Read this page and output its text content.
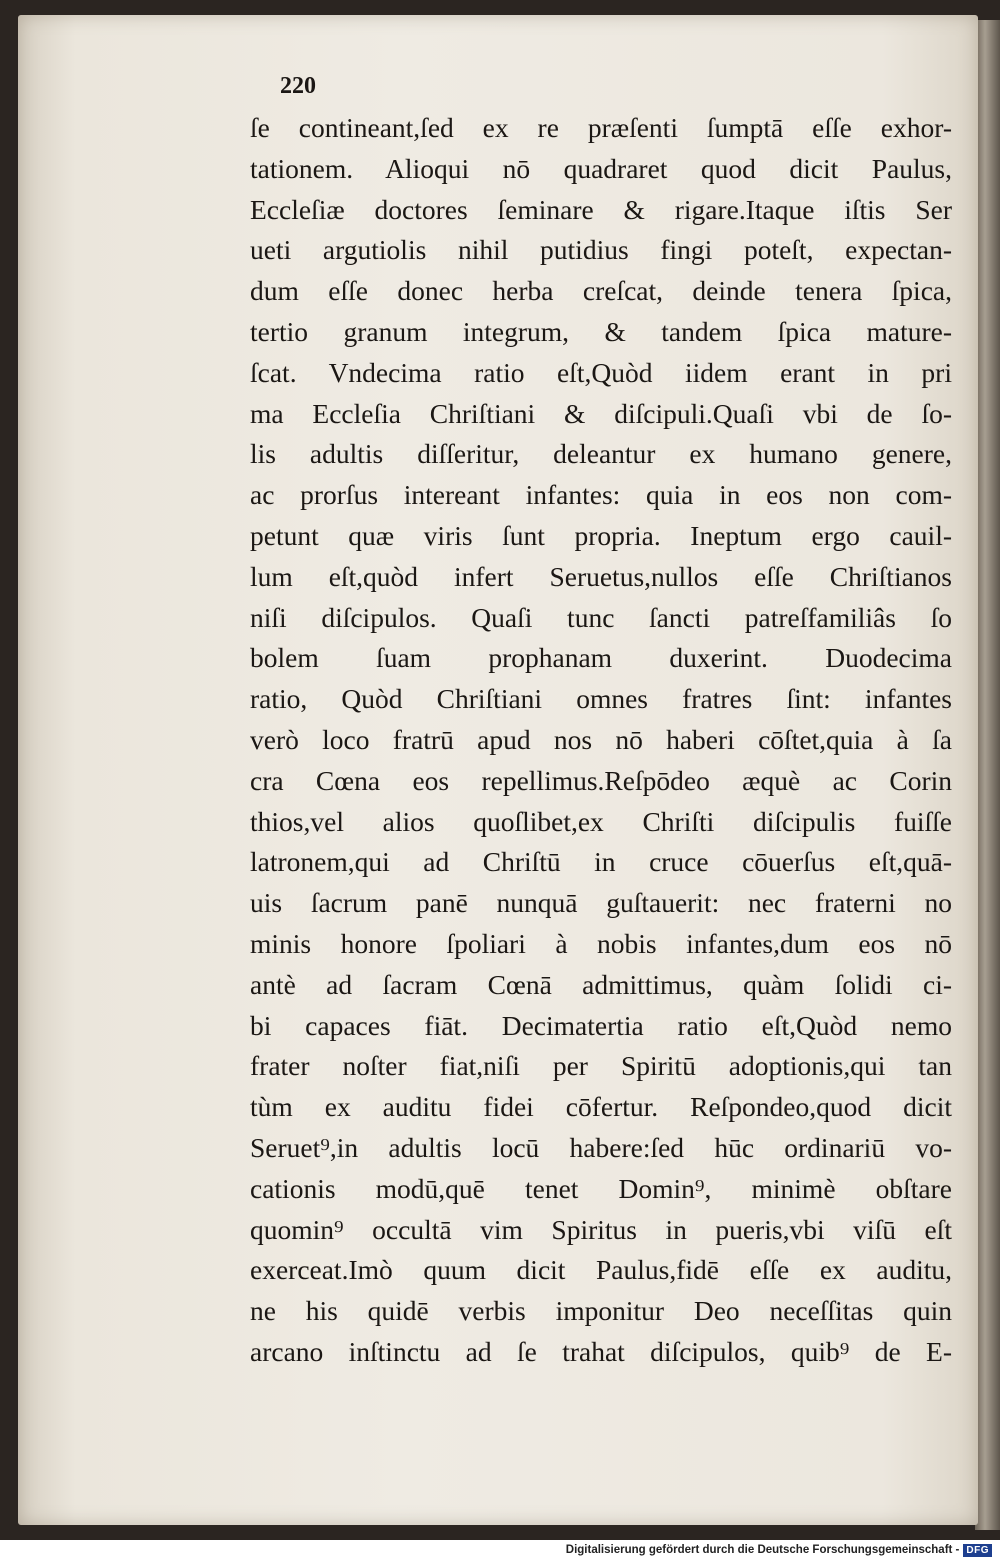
220
ſe contineant,ſed ex re præſenti ſumptā eſſe exhor-
tationem. Alioqui nō quadraret quod dicit Paulus,
Eccleſiæ doctores ſeminare & rigare.Itaque iſtis Ser
ueti argutiolis nihil putidius fingi poteſt, expectan-
dum eſſe donec herba creſcat, deinde tenera ſpica,
tertio granum integrum, & tandem ſpica mature-
ſcat. Vndecima ratio eſt,Quòd iidem erant in pri
ma Eccleſia Chriſtiani & diſcipuli.Quaſi vbi de ſo-
lis adultis diſſeritur, deleantur ex humano genere,
ac prorſus intereant infantes: quia in eos non com-
petunt quæ viris ſunt propria. Ineptum ergo cauil-
lum eſt,quòd infert Seruetus,nullos eſſe Chriſtianos
niſi diſcipulos. Quaſi tunc ſancti patreſfamiliâs ſo
bolem ſuam prophanam duxerint. Duodecima
ratio, Quòd Chriſtiani omnes fratres ſint: infantes
verò loco fratrū apud nos nō haberi cōſtet,quia à ſa
cra Cœna eos repellimus.Reſpōdeo æquè ac Corin
thios,vel alios quoſlibet,ex Chriſti diſcipulis fuiſſe
latronem,qui ad Chriſtū in cruce cōuerſus eſt,quā-
uis ſacrum panē nunquā guſtauerit: nec fraterni no
minis honore ſpoliari à nobis infantes,dum eos nō
antè ad ſacram Cœnā admittimus, quàm ſolidi ci-
bi capaces fiāt. Decimatertia ratio eſt,Quòd nemo
frater noſter fiat,niſi per Spiritū adoptionis,qui tan
tùm ex auditu fidei cōfertur. Reſpondeo,quod dicit
Seruet⁹,in adultis locū habere:ſed hūc ordinariū vo-
cationis modū,quē tenet Domin⁹, minimè obſtare
quomin⁹ occultā vim Spiritus in pueris,vbi viſū eſt
exerceat.Imò quum dicit Paulus,fidē eſſe ex auditu,
ne his quidē verbis imponitur Deo neceſſitas quin
arcano inſtinctu ad ſe trahat diſcipulos, quib⁹ de E-
Digitalisierung gefördert durch die Deutsche Forschungsgemeinschaft - DFG
